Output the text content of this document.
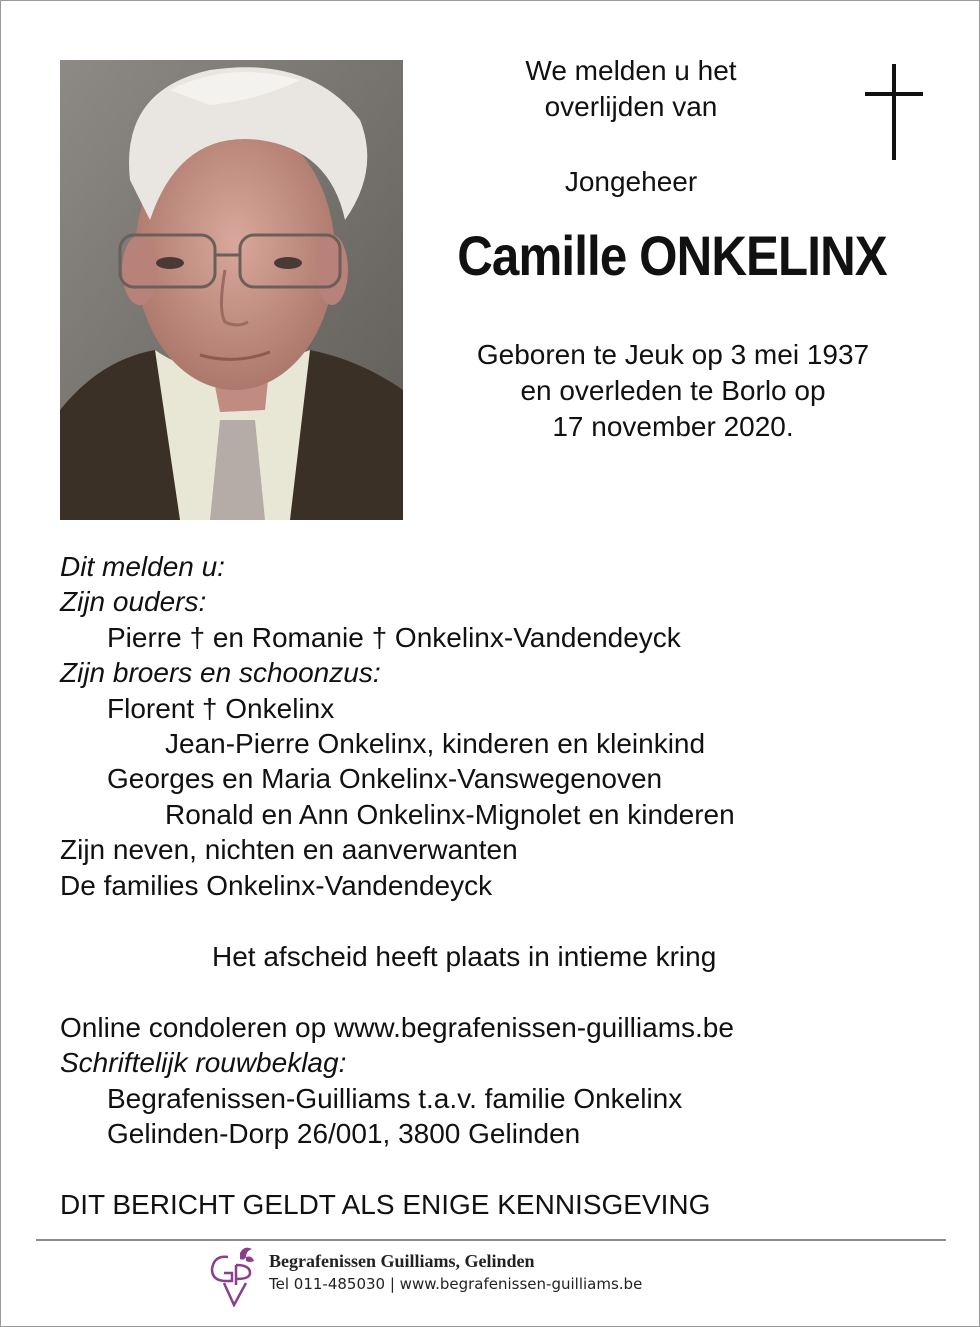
We melden u het
overlijden van
Jongeheer
Camille ONKELINX
Geboren te Jeuk op 3 mei 1937
en overleden te Borlo op
17 november 2020.
Dit melden u:
Zijn ouders:
Pierre † en Romanie † Onkelinx-Vandendeyck
Zijn broers en schoonzus:
Florent † Onkelinx
Jean-Pierre Onkelinx, kinderen en kleinkind
Georges en Maria Onkelinx-Vanswegenoven
Ronald en Ann Onkelinx-Mignolet en kinderen
Zijn neven, nichten en aanverwanten
De families Onkelinx-Vandendeyck
Het afscheid heeft plaats in intieme kring
Online condoleren op www.begrafenissen-guilliams.be
Schriftelijk rouwbeklag:
Begrafenissen-Guilliams t.a.v. familie Onkelinx
Gelinden-Dorp 26/001, 3800 Gelinden
DIT BERICHT GELDT ALS ENIGE KENNISGEVING
Begrafenissen Guilliams, Gelinden
Tel 011-485030 | www.begrafenissen-guilliams.be
